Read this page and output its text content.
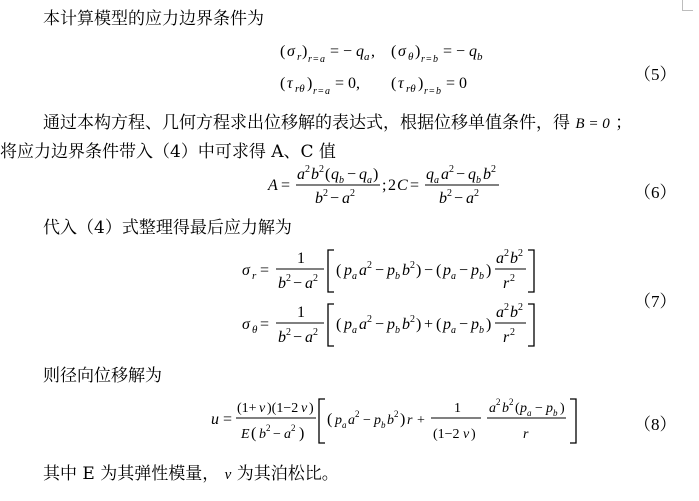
本计算模型的应力边界条件为
( σ r ) r = a = − q a , ( σ θ ) r = b = − q b
( τ rθ ) r = a = 0, ( τ rθ ) r = b = 0	（5）
通过本构方程、几何方程求出位移解的表达式，根据位移单值条件，得 B = 0 ；
将应力边界条件带入（4）中可求得 A、C 值
A =
a 2 b 2 ( q b − q a )
b 2 − a 2 ; 2 C =
q a a 2 − q b b 2
b 2 − a 2	（6）
代入（4）式整理得最后应力解为
σ r =
1
b 2 − a 2 ( p a a 2 − p b b 2 ) − ( p a − p b )
a 2 b 2
r 2
σ θ =
1
b 2 − a 2 ( p a a 2 − p b b 2 ) + ( p a − p b )
a 2 b 2
r 2
（7）
则径向位移解为
u =
(1+ ν )(1−2 ν )
E ( b 2 − a 2 )
( p a a 2 − p b b 2 ) r +
1
(1−2 ν )
a 2 b 2 ( p a − p b )
r
（8）
其中 E 为其弹性模量， ν 为其泊松比。
